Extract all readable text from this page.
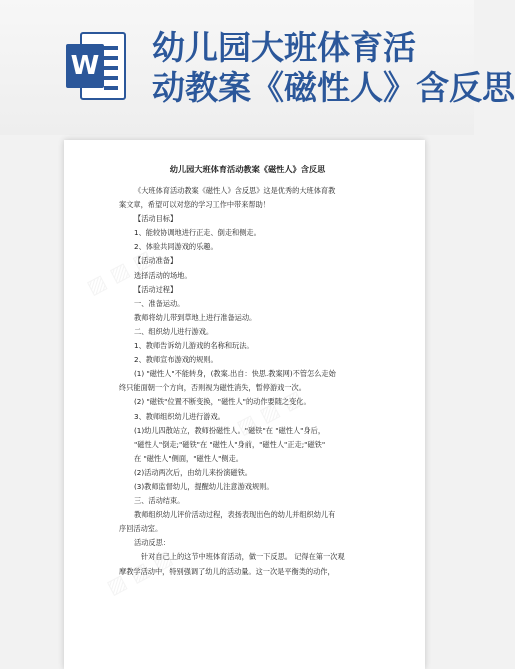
W 幼儿园大班体育活
动教案《磁性人》含反思
幼儿园大班体育活动教案《磁性人》含反思

《大班体育活动教案《磁性人》含反思》这是优秀的大班体育教

案文章，希望可以对您的学习工作中带来帮助！

【活动目标】

1、能较协调地进行正走、倒走和侧走。

2、体验共同游戏的乐趣。

【活动准备】

选择活动的场地。

【活动过程】

一、准备运动。

教师将幼儿带到草地上进行准备运动。

二、组织幼儿进行游戏。

1、教师告诉幼儿游戏的名称和玩法。

2、教师宣布游戏的规则。

(1) "磁性人"不能转身，(教案.出自：快思.教案网)不管怎么走始

终只能面朝一个方向，否则视为磁性消失，暂停游戏一次。

(2) "磁铁"位置不断变换，"磁性人"的动作要随之变化。

3、教师组织幼儿进行游戏。

(1)幼儿四散站立，教师扮磁性人。"磁铁"在 "磁性人"身后，

"磁性人"倒走;"磁铁"在 "磁性人"身前，"磁性人"正走;"磁铁"

在 "磁性人"侧面，"磁性人"侧走。

(2)活动两次后，由幼儿来扮演磁铁。

(3)教师监督幼儿，提醒幼儿注意游戏规则。

三、活动结束。

教师组织幼儿评价活动过程，表扬表现出色的幼儿并组织幼儿有

序回活动室。

活动反思：

针对自己上的这节中班体育活动，做一下反思。 记得在第一次观

摩教学活动中，特别强调了幼儿的活动量。这一次是平衡类的动作，
